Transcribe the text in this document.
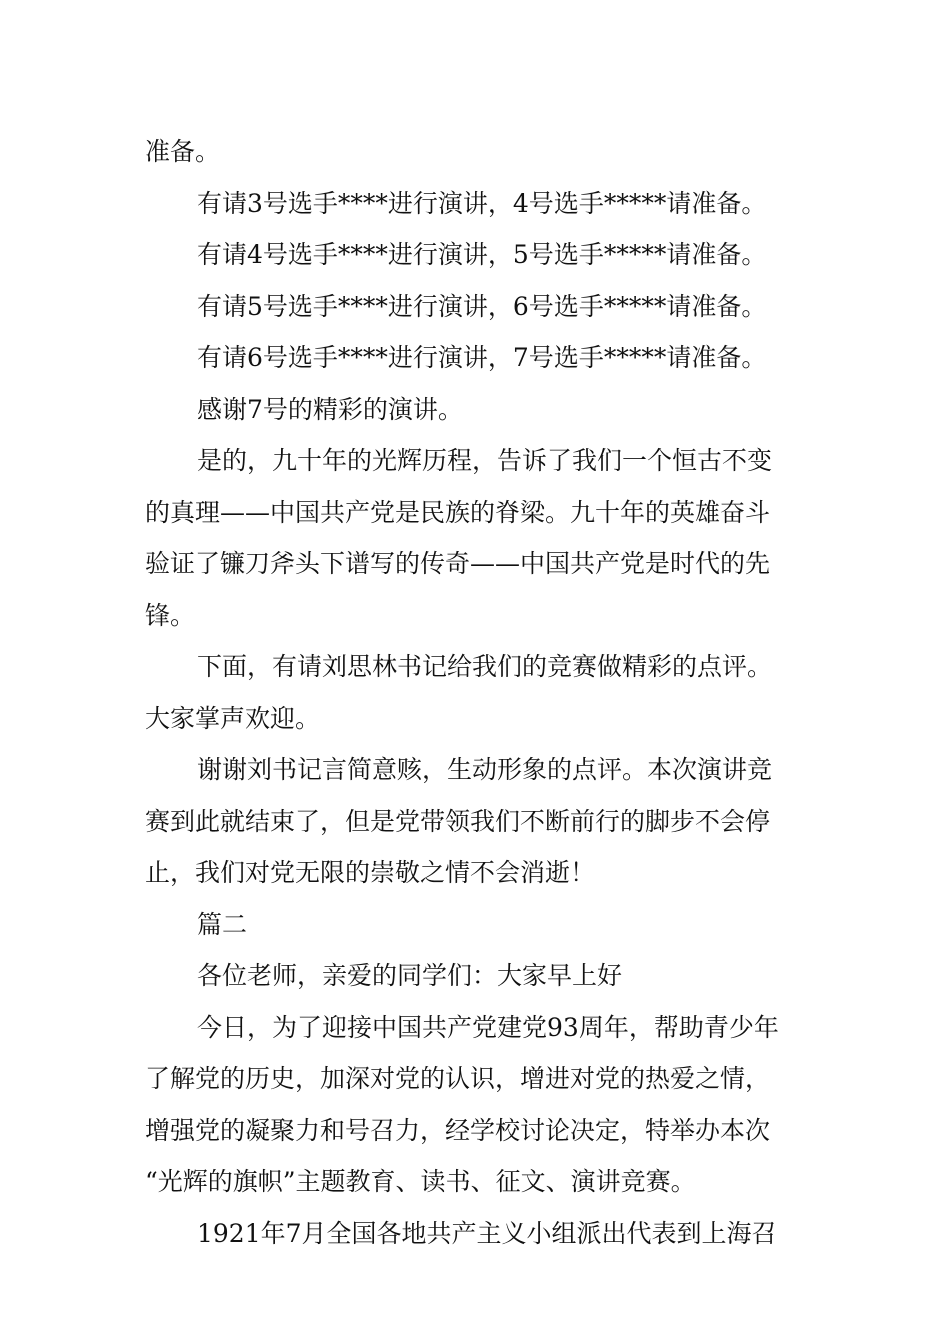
准备。

有请3号选手****进行演讲，4号选手*****请准备。

有请4号选手****进行演讲，5号选手*****请准备。

有请5号选手****进行演讲，6号选手*****请准备。

有请6号选手****进行演讲，7号选手*****请准备。

感谢7号的精彩的演讲。

是的，九十年的光辉历程，告诉了我们一个恒古不变

的真理——中国共产党是民族的脊梁。九十年的英雄奋斗
验证了镰刀斧头下谱写的传奇——中国共产党是时代的先
锋。

下面，有请刘思林书记给我们的竞赛做精彩的点评。

大家掌声欢迎。

谢谢刘书记言简意赅，生动形象的点评。本次演讲竞

赛到此就结束了，但是党带领我们不断前行的脚步不会停
止，我们对党无限的崇敬之情不会消逝！

篇二

各位老师，亲爱的同学们：大家早上好

今日，为了迎接中国共产党建党93周年，帮助青少年

了解党的历史，加深对党的认识，增进对党的热爱之情，
增强党的凝聚力和号召力，经学校讨论决定，特举办本次
“光辉的旗帜”主题教育、读书、征文、演讲竞赛。

1921年7月全国各地共产主义小组派出代表到上海召
